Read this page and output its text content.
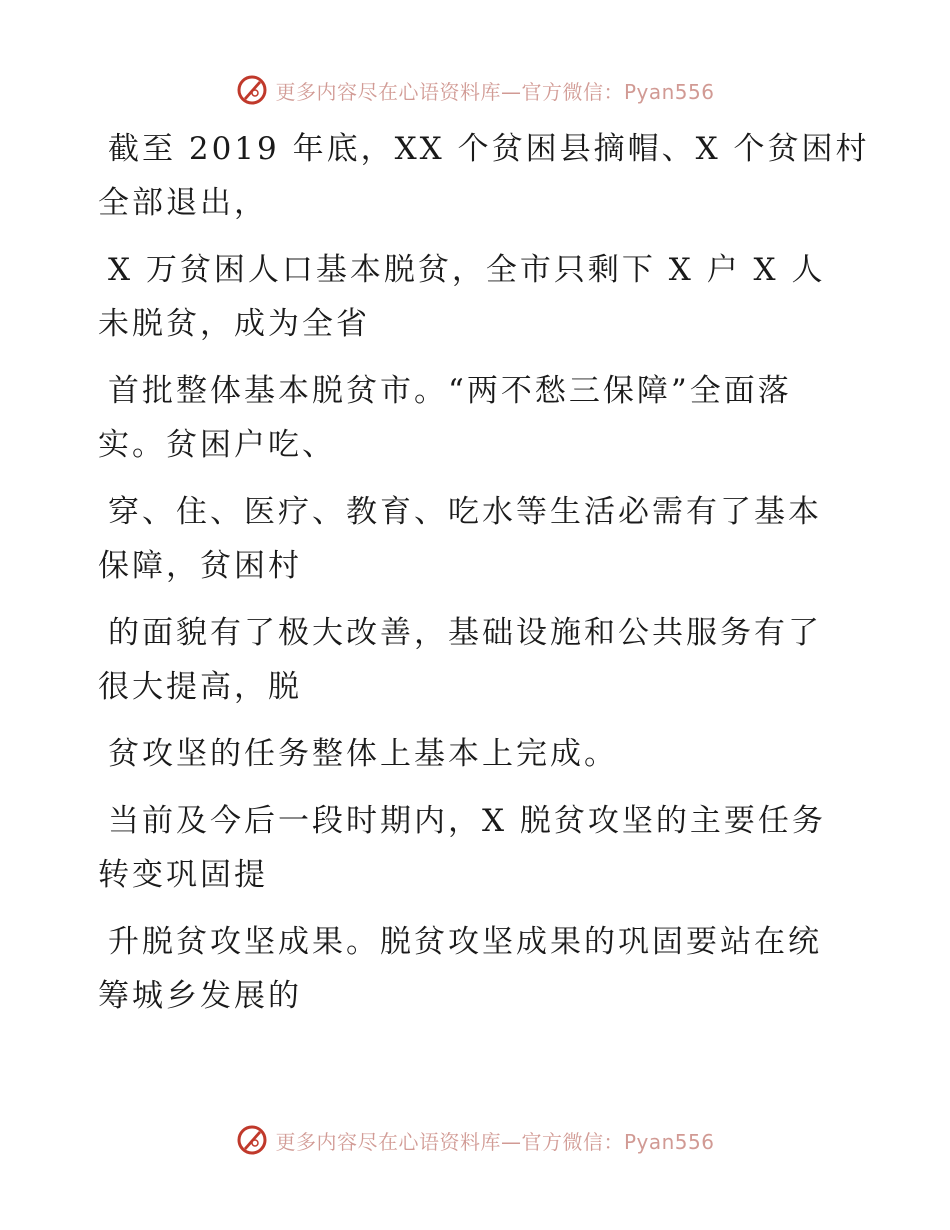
更多内容尽在心语资料库—官方微信：Pyan556

截至 2019 年底，XX 个贫困县摘帽、X 个贫困村
全部退出，

X 万贫困人口基本脱贫，全市只剩下 X 户 X 人
未脱贫，成为全省

首批整体基本脱贫市。“两不愁三保障”全面落
实。贫困户吃、

穿、住、医疗、教育、吃水等生活必需有了基本
保障，贫困村

的面貌有了极大改善，基础设施和公共服务有了
很大提高，脱

贫攻坚的任务整体上基本上完成。

当前及今后一段时期内，X 脱贫攻坚的主要任务
转变巩固提

升脱贫攻坚成果。脱贫攻坚成果的巩固要站在统
筹城乡发展的

更多内容尽在心语资料库—官方微信：Pyan556
